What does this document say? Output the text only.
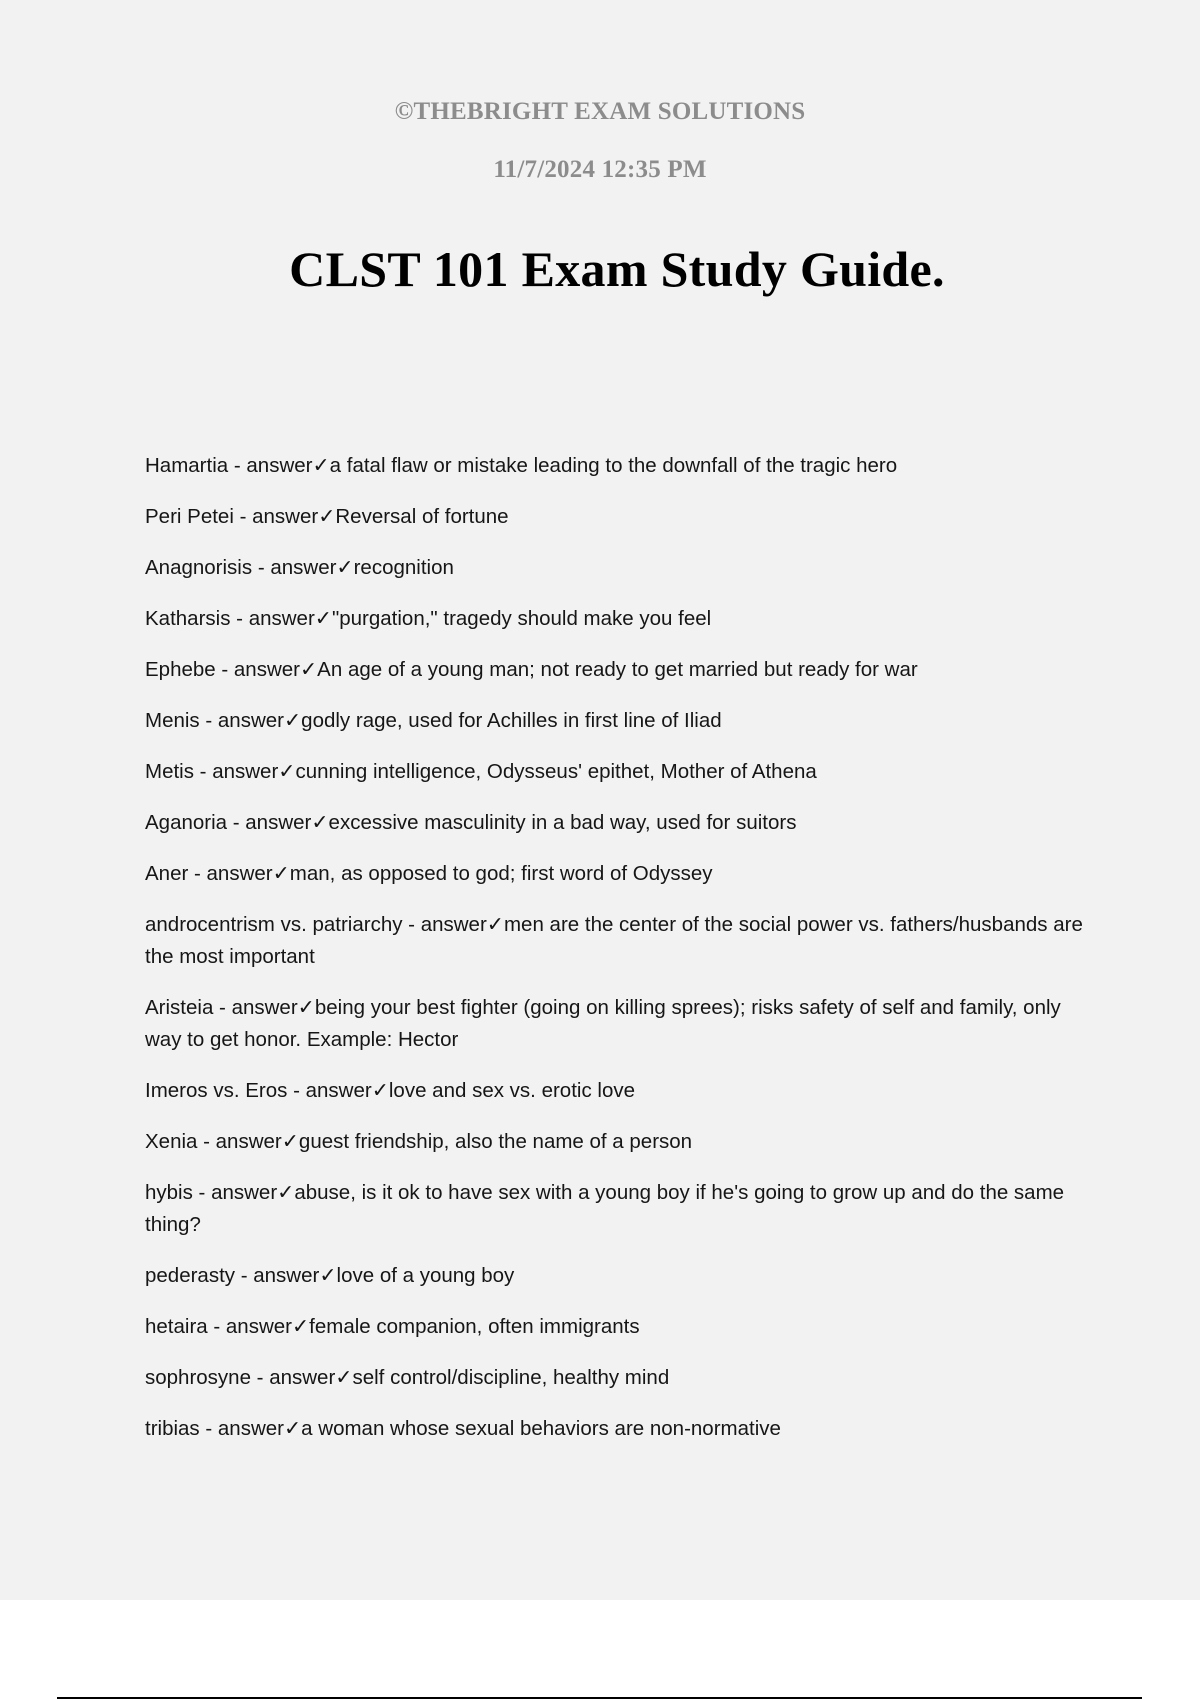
©THEBRIGHT EXAM SOLUTIONS
11/7/2024 12:35 PM
CLST 101 Exam Study Guide.
Hamartia - answer✓a fatal flaw or mistake leading to the downfall of the tragic hero
Peri Petei - answer✓Reversal of fortune
Anagnorisis - answer✓recognition
Katharsis - answer✓"purgation," tragedy should make you feel
Ephebe - answer✓An age of a young man; not ready to get married but ready for war
Menis - answer✓godly rage, used for Achilles in first line of Iliad
Metis - answer✓cunning intelligence, Odysseus' epithet, Mother of Athena
Aganoria - answer✓excessive masculinity in a bad way, used for suitors
Aner - answer✓man, as opposed to god; first word of Odyssey
androcentrism vs. patriarchy - answer✓men are the center of the social power vs. fathers/husbands are the most important
Aristeia - answer✓being your best fighter (going on killing sprees); risks safety of self and family, only way to get honor. Example: Hector
Imeros vs. Eros - answer✓love and sex vs. erotic love
Xenia - answer✓guest friendship, also the name of a person
hybis - answer✓abuse, is it ok to have sex with a young boy if he's going to grow up and do the same thing?
pederasty - answer✓love of a young boy
hetaira - answer✓female companion, often immigrants
sophrosyne - answer✓self control/discipline, healthy mind
tribias - answer✓a woman whose sexual behaviors are non-normative
